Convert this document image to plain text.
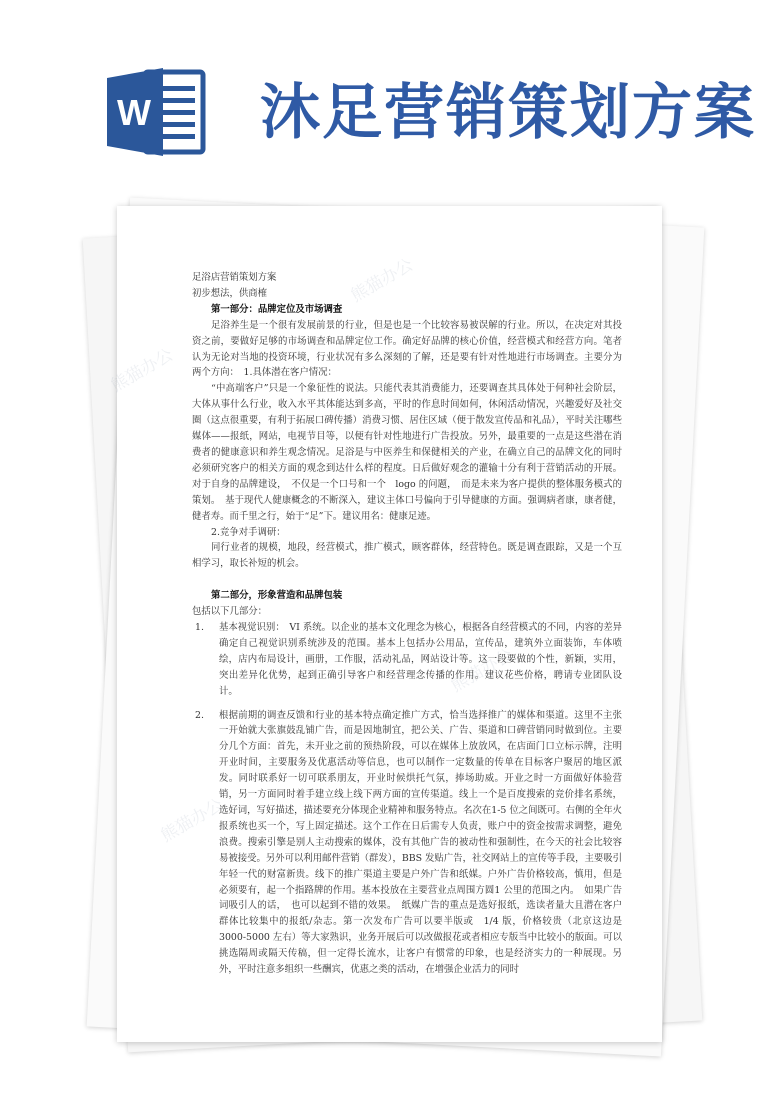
W 沐足营销策划方案
熊猫办公
熊猫办公
熊猫办公
熊猫办公

足浴店营销策划方案

初步想法，供商榷

第一部分：品牌定位及市场调查

足浴养生是一个很有发展前景的行业，但是也是一个比较容易被误解的行业。所以，在决定对其投资之前，要做好足够的市场调查和品牌定位工作。确定好品牌的核心价值，经营模式和经营方向。笔者认为无论对当地的投资环境，行业状况有多么深刻的了解，还是要有针对性地进行市场调查。主要分为两个方向：　1.具体潜在客户情况：

“中高端客户”只是一个象征性的说法。只能代表其消费能力，还要调查其具体处于何种社会阶层，大体从事什么行业，收入水平其体能达到多高，平时的作息时间如何，休闲活动情况，兴趣爱好及社交圈（这点很重要，有利于拓展口碑传播）消费习惯、居住区域（便于散发宣传品和礼品），平时关注哪些媒体——报纸，网站，电视节目等，以便有针对性地进行广告投放。另外，最重要的一点是这些潜在消费者的健康意识和养生观念情况。足浴是与中医养生和保健相关的产业，在确立自己的品牌文化的同时必须研究客户的相关方面的观念到达什么样的程度。日后做好观念的灌输十分有利于营销活动的开展。对于自身的品牌建设，　不仅是一个口号和一个　logo 的问题，　而是未来为客户提供的整体服务模式的策划。　基于现代人健康概念的不断深入，建议主体口号偏向于引导健康的方面。强调病者康，康者健，健者寿。而千里之行，始于“足”下。建议用名：健康足迹。

2.竞争对手调研：

同行业者的规模，地段，经营模式，推广模式，顾客群体，经营特色。既是调查跟踪，又是一个互相学习，取长补短的机会。

第二部分，形象营造和品牌包装

包括以下几部分：

1. 基本视觉识别：　VI 系统。以企业的基本文化理念为核心，根据各自经营模式的不同，内容的差异确定自己视觉识别系统涉及的范围。基本上包括办公用品，宣传品，建筑外立面装饰，车体喷绘，店内布局设计，画册，工作服，活动礼品，网站设计等。这一段要做的个性，新颖，实用，突出差异化优势，起到正确引导客户和经营理念传播的作用。建议花些价格，聘请专业团队设计。
2. 根据前期的调查反馈和行业的基本特点确定推广方式，恰当选择推广的媒体和渠道。这里不主张一开始就大张旗鼓乱铺广告，而是因地制宜，把公关、广告、渠道和口碑营销同时做到位。主要分几个方面：首先，未开业之前的预热阶段，可以在媒体上放放风，在店面门口立标示牌，注明开业时间，主要服务及优惠活动等信息，也可以制作一定数量的传单在目标客户聚居的地区派发。同时联系好一切可联系朋友，开业时候烘托气氛，捧场助威。开业之时一方面做好体验营销，另一方面同时着手建立线上线下两方面的宣传渠道。线上一个是百度搜索的竞价排名系统，选好词，写好描述，描述要充分体现企业精神和服务特点。名次在1-5 位之间既可。右侧的全年火报系统也买一个，写上固定描述。这个工作在日后需专人负责，账户中的资金按需求调整，避免浪费。搜索引擎是别人主动搜索的媒体，没有其他广告的被动性和强制性，在今天的社会比较容易被接受。另外可以利用邮件营销（群发），BBS 发贴广告，社交网站上的宣传等手段，主要吸引年轻一代的财富新贵。线下的推广渠道主要是户外广告和纸媒。户外广告价格较高，慎用，但是必须要有，起一个指路牌的作用。基本投放在主要营业点周围方圆1 公里的范围之内。　如果广告词吸引人的话，　也可以起到不错的效果。　纸媒广告的重点是选好报纸，选读者量大且潜在客户群体比较集中的报纸/杂志。第一次发布广告可以要半版或　1/4 版，价格较贵（北京这边是　3000-5000 左右）等大家熟识，业务开展后可以改做报花或者相应专版当中比较小的版面。可以挑选隔周或隔天传稿，但一定得长流水，让客户有惯常的印象，也是经济实力的一种展现。另外，平时注意多组织一些酬宾，优惠之类的活动，在增强企业活力的同时
